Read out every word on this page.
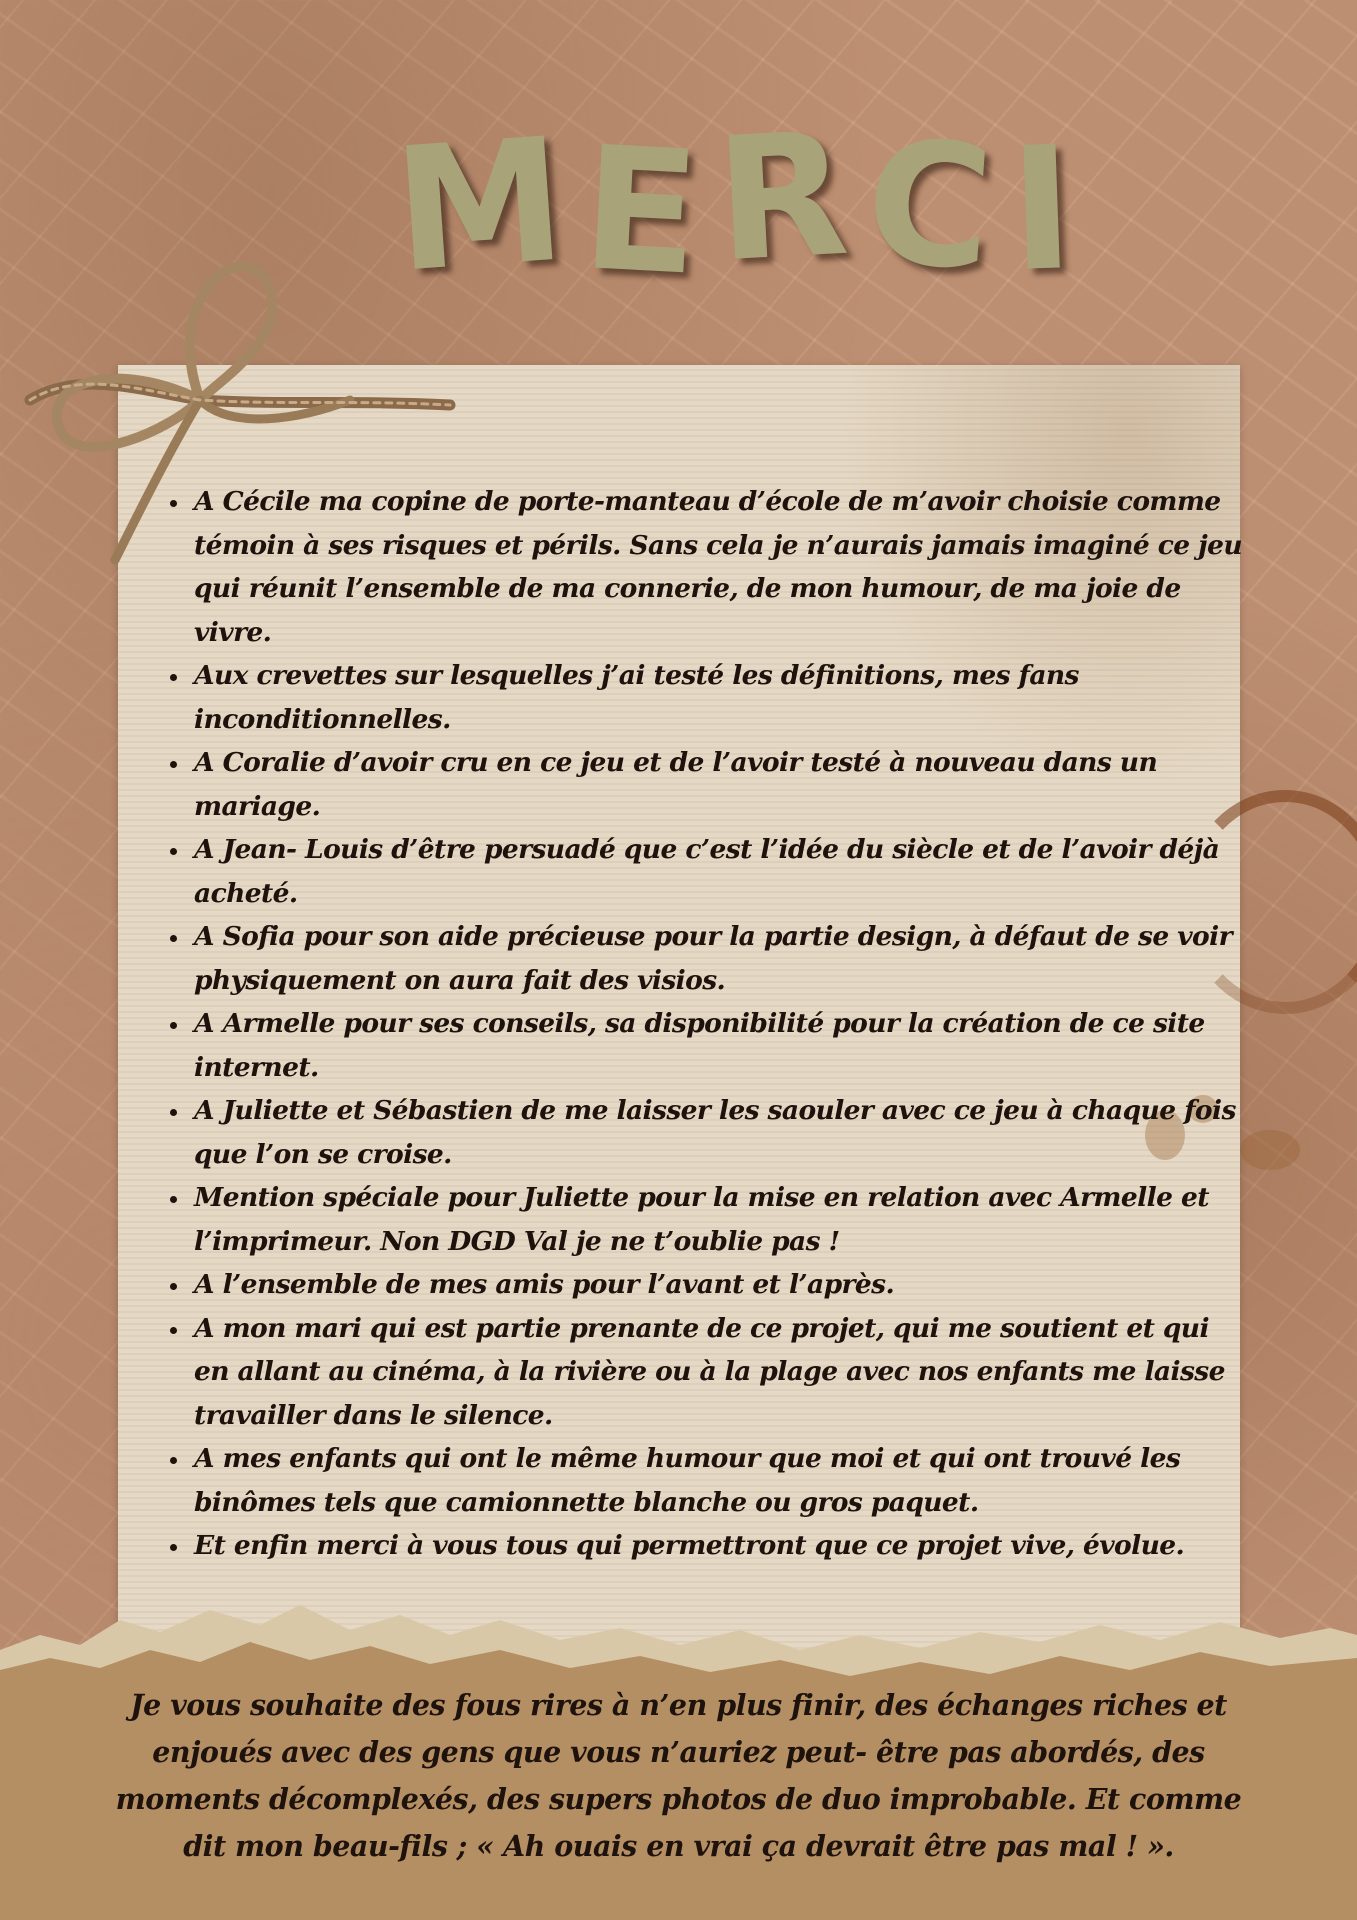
M E R C I
• A Cécile ma copine de porte-manteau d’école de m’avoir choisie comme témoin à ses risques et périls. Sans cela je n’aurais jamais imaginé ce jeu qui réunit l’ensemble de ma connerie, de mon humour, de ma joie de vivre.
• Aux crevettes sur lesquelles j’ai testé les définitions, mes fans inconditionnelles.
• A Coralie d’avoir cru en ce jeu et de l’avoir testé à nouveau dans un mariage.
• A Jean- Louis d’être persuadé que c’est l’idée du siècle et de l’avoir déjà acheté.
• A Sofia pour son aide précieuse pour la partie design, à défaut de se voir physiquement on aura fait des visios.
• A Armelle pour ses conseils, sa disponibilité pour la création de ce site internet.
• A Juliette et Sébastien de me laisser les saouler avec ce jeu à chaque fois que l’on se croise.
• Mention spéciale pour Juliette pour la mise en relation avec Armelle et l’imprimeur. Non DGD Val je ne t’oublie pas !
• A l’ensemble de mes amis pour l’avant et l’après.
• A mon mari qui est partie prenante de ce projet, qui me soutient et qui en allant au cinéma, à la rivière ou à la plage avec nos enfants me laisse travailler dans le silence.
• A mes enfants qui ont le même humour que moi et qui ont trouvé les binômes tels que camionnette blanche ou gros paquet.
• Et enfin merci à vous tous qui permettront que ce projet vive, évolue.

Je vous souhaite des fous rires à n’en plus finir, des échanges riches et enjoués avec des gens que vous n’auriez peut- être pas abordés, des moments décomplexés, des supers photos de duo improbable. Et comme dit mon beau-fils ; « Ah ouais en vrai ça devrait être pas mal ! ».
